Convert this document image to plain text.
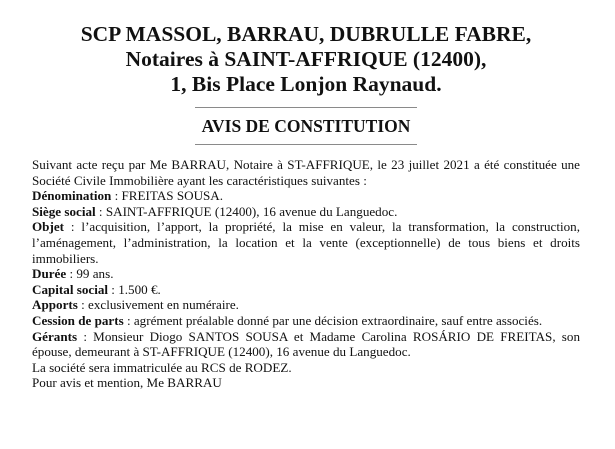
SCP MASSOL, BARRAU, DUBRULLE FABRE,
Notaires à SAINT-AFFRIQUE (12400),
1, Bis Place Lonjon Raynaud.
AVIS DE CONSTITUTION

Suivant acte reçu par Me BARRAU, Notaire à ST-AFFRIQUE, le 23 juillet 2021 a été constituée une Société Civile Immobilière ayant les caractéristiques suivantes :

Dénomination : FREITAS SOUSA.

Siège social : SAINT-AFFRIQUE (12400), 16 avenue du Languedoc.

Objet : l’acquisition, l’apport, la propriété, la mise en valeur, la transformation, la construction, l’aménagement, l’administration, la location et la vente (exceptionnelle) de tous biens et droits immobiliers.

Durée : 99 ans.

Capital social : 1.500 €.

Apports : exclusivement en numéraire.

Cession de parts : agrément préalable donné par une décision extraordinaire, sauf entre associés.

Gérants : Monsieur Diogo SANTOS SOUSA et Madame Carolina ROSÁRIO DE FREITAS, son épouse, demeurant à ST-AFFRIQUE (12400), 16 avenue du Languedoc.

La société sera immatriculée au RCS de RODEZ.

Pour avis et mention, Me BARRAU
